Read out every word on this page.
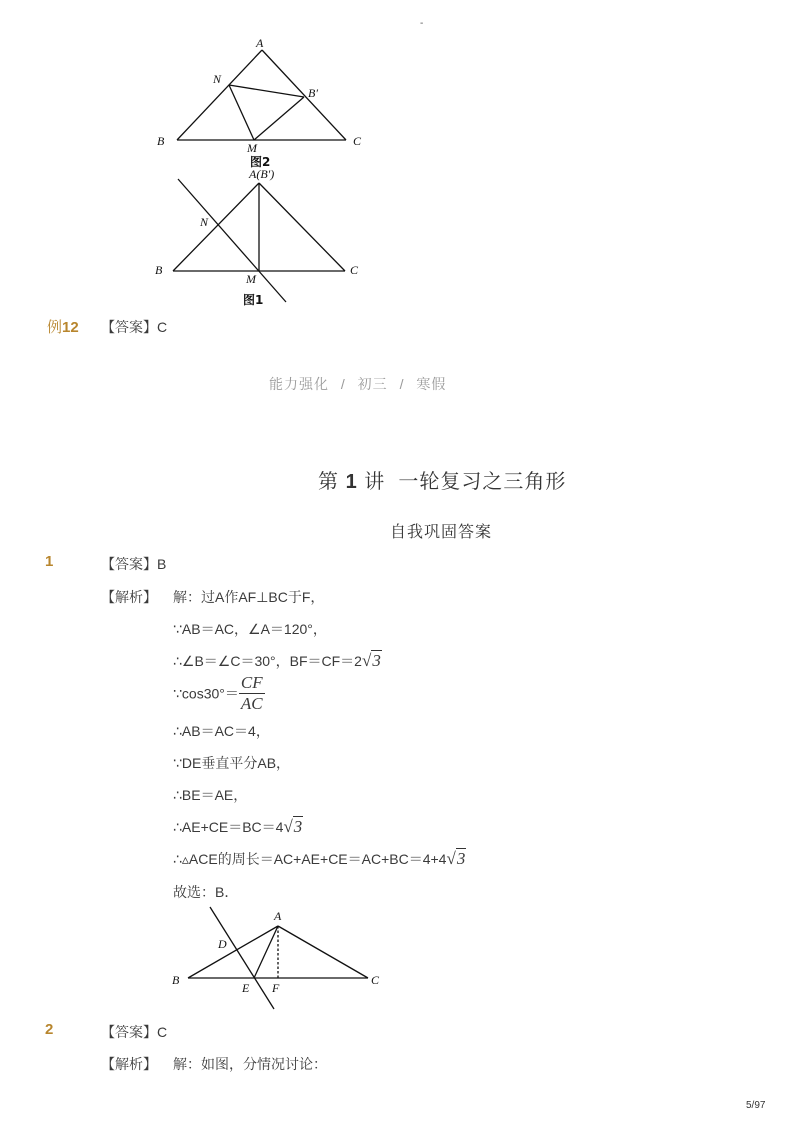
-
A
N
B′
B	M	C
图2
A(B′)
N
B
M
C
图1
例12 【答案】C
能力强化 / 初三 / 寒假
第 1 讲  一轮复习之三角形
自我巩固答案
1	【答案】B
【解析】 解：过A作AF⊥BC于F，
∵AB＝AC，∠A＝120°，
∴∠B＝∠C＝30°，BF＝CF＝2√3
∵cos30°＝ $\frac{CF}{AC}$
∴AB＝AC＝4，
∵DE垂直平分AB，
∴BE＝AE，
∴AE+CE＝BC＝4√3
∴▵ACE的周长＝AC+AE+CE＝AC+BC＝4+4√3
故选：B．
A
D
B
E F
C
2	【答案】C
【解析】 解：如图，分情况讨论：
5/97
